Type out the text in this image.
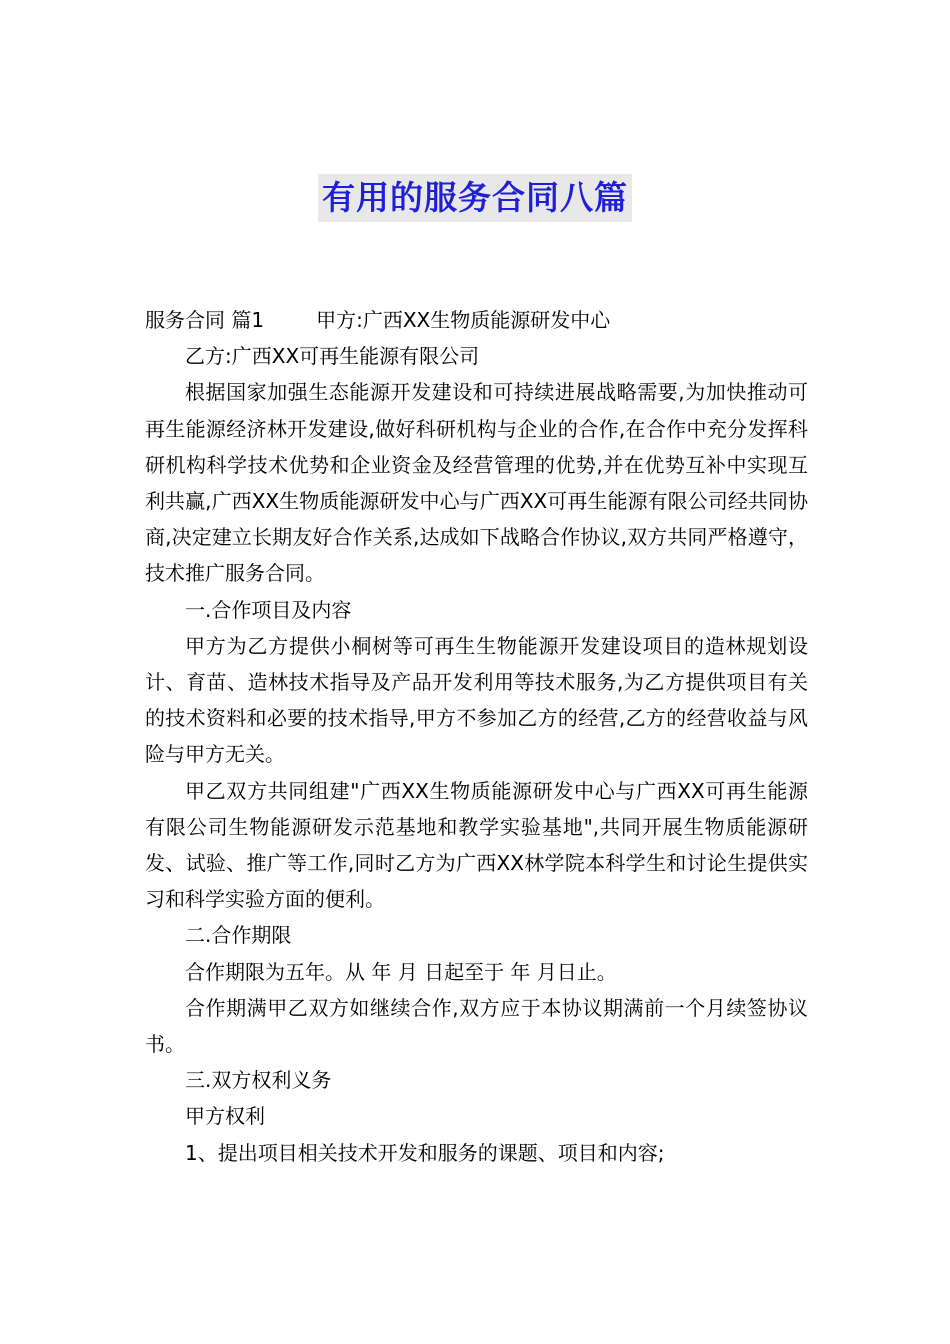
有用的服务合同八篇

服务合同 篇1	甲方:广西XX生物质能源研发中心

乙方:广西XX可再生能源有限公司

根据国家加强生态能源开发建设和可持续进展战略需要,为加快推动可再生能源经济林开发建设,做好科研机构与企业的合作,在合作中充分发挥科研机构科学技术优势和企业资金及经营管理的优势,并在优势互补中实现互利共赢,广西XX生物质能源研发中心与广西XX可再生能源有限公司经共同协商,决定建立长期友好合作关系,达成如下战略合作协议,双方共同严格遵守，技术推广服务合同。

一.合作项目及内容

甲方为乙方提供小桐树等可再生生物能源开发建设项目的造林规划设计、育苗、造林技术指导及产品开发利用等技术服务,为乙方提供项目有关的技术资料和必要的技术指导,甲方不参加乙方的经营,乙方的经营收益与风险与甲方无关。

甲乙双方共同组建"广西XX生物质能源研发中心与广西XX可再生能源有限公司生物能源研发示范基地和教学实验基地",共同开展生物质能源研发、试验、推广等工作,同时乙方为广西XX林学院本科学生和讨论生提供实习和科学实验方面的便利。

二.合作期限

合作期限为五年。从 年 月 日起至于 年 月日止。

合作期满甲乙双方如继续合作,双方应于本协议期满前一个月续签协议书。

三.双方权利义务

甲方权利

1、提出项目相关技术开发和服务的课题、项目和内容;
